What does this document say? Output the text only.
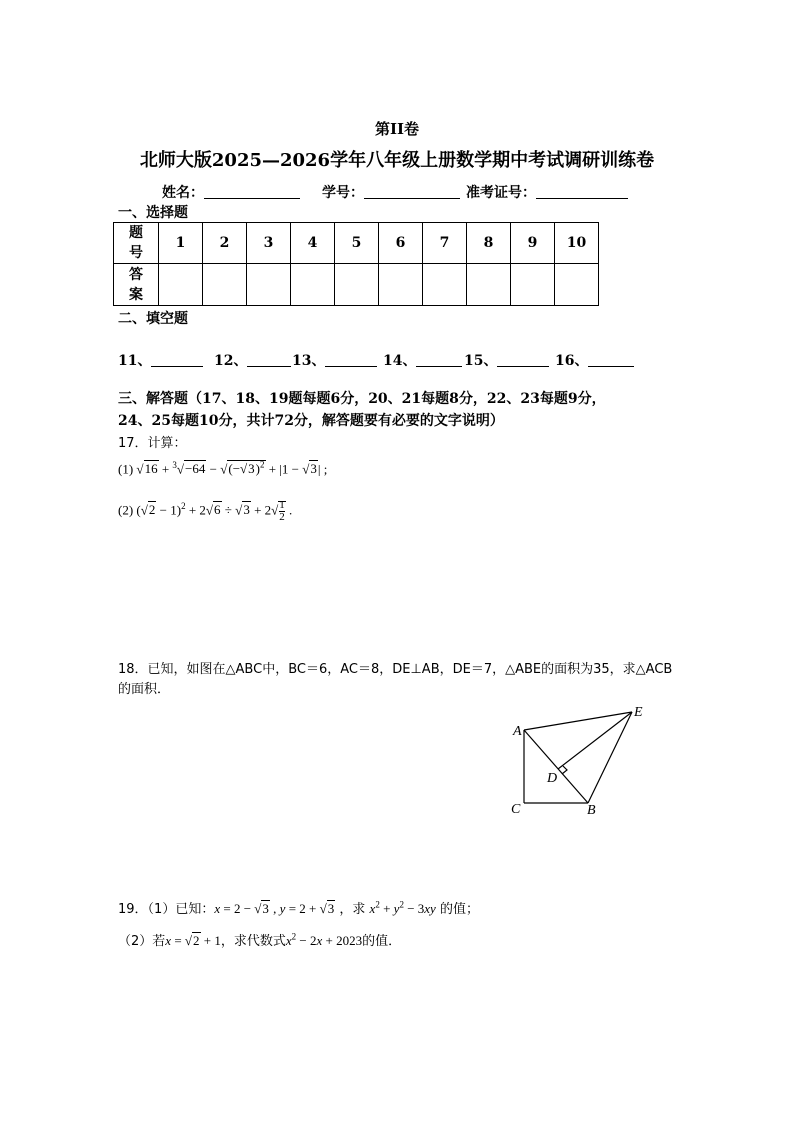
第II卷
北师大版2025—2026学年八年级上册数学期中考试调研训练卷
姓名：	学号：	准考证号：
一、选择题
题号	1	2	3	4	5	6	7	8	9	10
答案										
二、填空题
11、	12、	13、	14、	15、	16、
三、解答题（17、18、19题每题6分，20、21每题8分，22、23每题9分，
24、25每题10分，共计72分，解答题要有必要的文字说明）
17．计算：
(1) $√16 + ^3√-64 - √(-√3)^2 + |1 - √3|$ ;
(2) $(√2 - 1)^2 + 2√6 \div √3 + 2√ \frac{1}{2}$ .
18．已知，如图在△ABC中，BC＝6，AC＝8，DE⊥AB，DE＝7，△ABE的面积为35，求△ACB
的面积．
A
E
D
C	B
19．（1）已知：x = 2 − √3 , y = 2 + √3 ，求 $x^2 + y^2 - 3xy$ 的值；
（2）若x = √2 + 1，求代数式$x^2 - 2x + 2023$的值．
